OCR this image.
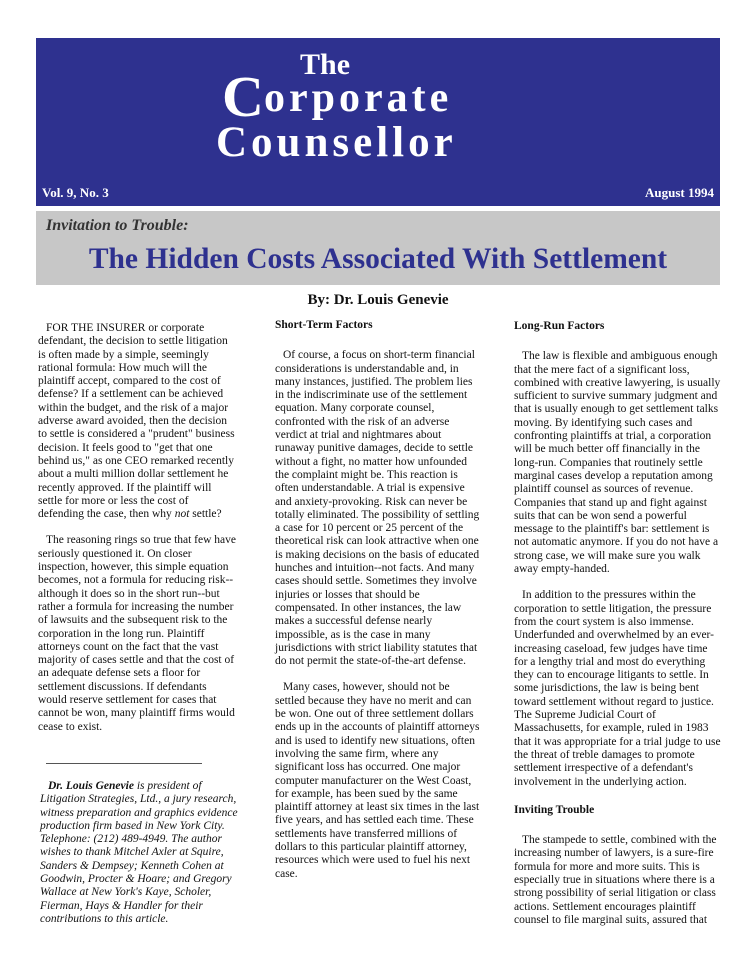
The
C orporate
Counsellor
Vol. 9, No. 3	August 1994
Invitation to Trouble:
The Hidden Costs Associated With Settlement
By: Dr. Louis Genevie

FOR THE INSURER or corporate defendant, the decision to settle litigation is often made by a simple, seemingly rational formula: How much will the plaintiff accept, compared to the cost of defense? If a settlement can be achieved within the budget, and the risk of a major adverse award avoided, then the decision to settle is considered a "prudent" business decision. It feels good to "get that one behind us," as one CEO remarked recently about a multi million dollar settlement he recently approved. If the plaintiff will settle for more or less the cost of defending the case, then why not settle?

The reasoning rings so true that few have seriously questioned it. On closer inspection, however, this simple equation becomes, not a formula for reducing risk--although it does so in the short run--but rather a formula for increasing the number of lawsuits and the subsequent risk to the corporation in the long run. Plaintiff attorneys count on the fact that the vast majority of cases settle and that the cost of an adequate defense sets a floor for settlement discussions. If defendants would reserve settlement for cases that cannot be won, many plaintiff firms would cease to exist.

Dr. Louis Genevie is president of Litigation Strategies, Ltd., a jury research, witness preparation and graphics evidence production firm based in New York City. Telephone: (212) 489-4949. The author wishes to thank Mitchel Axler at Squire, Sanders & Dempsey; Kenneth Cohen at Goodwin, Procter & Hoare; and Gregory Wallace at New York's Kaye, Scholer, Fierman, Hays & Handler for their contributions to this article.
Short-Term Factors

Of course, a focus on short-term financial considerations is understandable and, in many instances, justified. The problem lies in the indiscriminate use of the settlement equation. Many corporate counsel, confronted with the risk of an adverse verdict at trial and nightmares about runaway punitive damages, decide to settle without a fight, no matter how unfounded the complaint might be. This reaction is often understandable. A trial is expensive and anxiety-provoking. Risk can never be totally eliminated. The possibility of settling a case for 10 percent or 25 percent of the theoretical risk can look attractive when one is making decisions on the basis of educated hunches and intuition--not facts. And many cases should settle. Sometimes they involve injuries or losses that should be compensated. In other instances, the law makes a successful defense nearly impossible, as is the case in many jurisdictions with strict liability statutes that do not permit the state-of-the-art defense.

Many cases, however, should not be settled because they have no merit and can be won. One out of three settlement dollars ends up in the accounts of plaintiff attorneys and is used to identify new situations, often involving the same firm, where any significant loss has occurred. One major computer manufacturer on the West Coast, for example, has been sued by the same plaintiff attorney at least six times in the last five years, and has settled each time. These settlements have transferred millions of dollars to this particular plaintiff attorney, resources which were used to fuel his next case.

Long-Run Factors

The law is flexible and ambiguous enough that the mere fact of a significant loss, combined with creative lawyering, is usually sufficient to survive summary judgment and that is usually enough to get settlement talks moving. By identifying such cases and confronting plaintiffs at trial, a corporation will be much better off financially in the long-run. Companies that routinely settle marginal cases develop a reputation among plaintiff counsel as sources of revenue. Companies that stand up and fight against suits that can be won send a powerful message to the plaintiff's bar: settlement is not automatic anymore. If you do not have a strong case, we will make sure you walk away empty-handed.

In addition to the pressures within the corporation to settle litigation, the pressure from the court system is also immense. Underfunded and overwhelmed by an ever-increasing caseload, few judges have time for a lengthy trial and most do everything they can to encourage litigants to settle. In some jurisdictions, the law is being bent toward settlement without regard to justice. The Supreme Judicial Court of Massachusetts, for example, ruled in 1983 that it was appropriate for a trial judge to use the threat of treble damages to promote settlement irrespective of a defendant's involvement in the underlying action.

Inviting Trouble

The stampede to settle, combined with the increasing number of lawyers, is a sure-fire formula for more and more suits. This is especially true in situations where there is a strong possibility of serial litigation or class actions. Settlement encourages plaintiff counsel to file marginal suits, assured that
